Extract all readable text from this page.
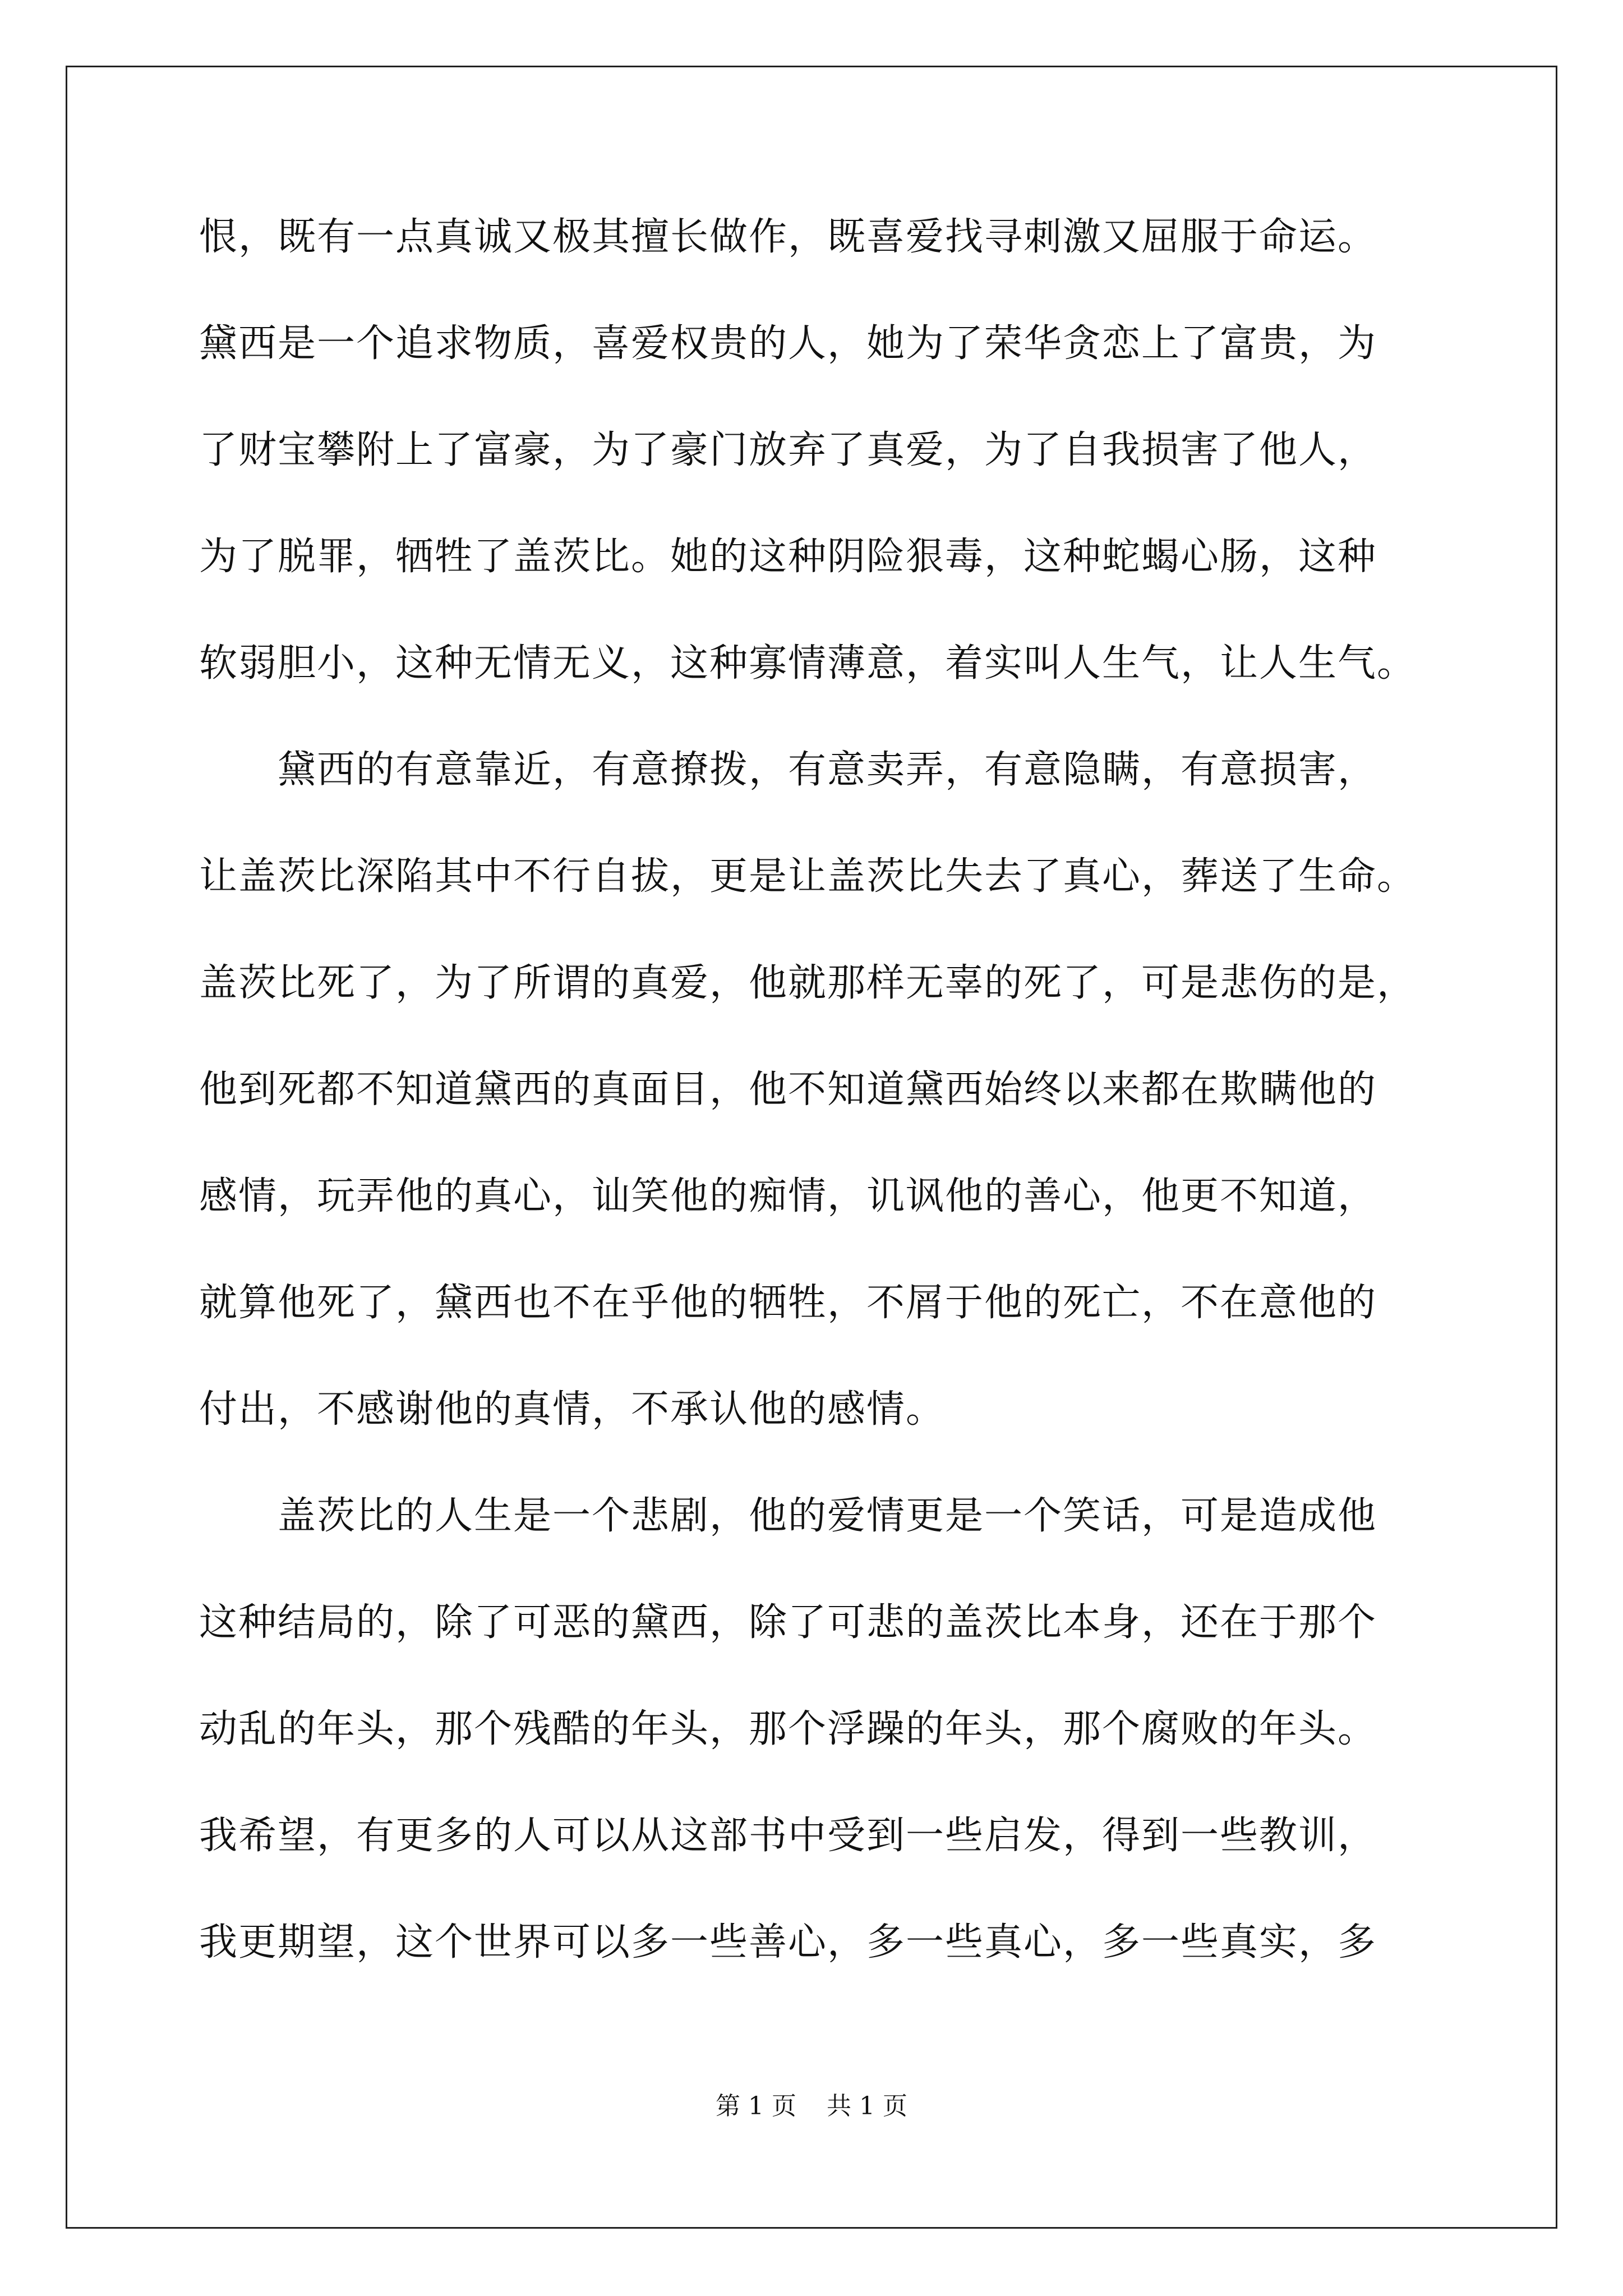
恨，既有一点真诚又极其擅长做作，既喜爱找寻刺激又屈服于命运。
黛西是一个追求物质，喜爱权贵的人，她为了荣华贪恋上了富贵，为
了财宝攀附上了富豪，为了豪门放弃了真爱，为了自我损害了他人，
为了脱罪，牺牲了盖茨比。她的这种阴险狠毒，这种蛇蝎心肠，这种
软弱胆小，这种无情无义，这种寡情薄意，着实叫人生气，让人生气。
黛西的有意靠近，有意撩拨，有意卖弄，有意隐瞒，有意损害，
让盖茨比深陷其中不行自拔，更是让盖茨比失去了真心，葬送了生命。
盖茨比死了，为了所谓的真爱，他就那样无辜的死了，可是悲伤的是，
他到死都不知道黛西的真面目，他不知道黛西始终以来都在欺瞒他的
感情，玩弄他的真心，讪笑他的痴情，讥讽他的善心，他更不知道，
就算他死了，黛西也不在乎他的牺牲，不屑于他的死亡，不在意他的
付出，不感谢他的真情，不承认他的感情。
盖茨比的人生是一个悲剧，他的爱情更是一个笑话，可是造成他
这种结局的，除了可恶的黛西，除了可悲的盖茨比本身，还在于那个
动乱的年头，那个残酷的年头，那个浮躁的年头，那个腐败的年头。
我希望，有更多的人可以从这部书中受到一些启发，得到一些教训，
我更期望，这个世界可以多一些善心，多一些真心，多一些真实，多
第 1 页 共 1 页
